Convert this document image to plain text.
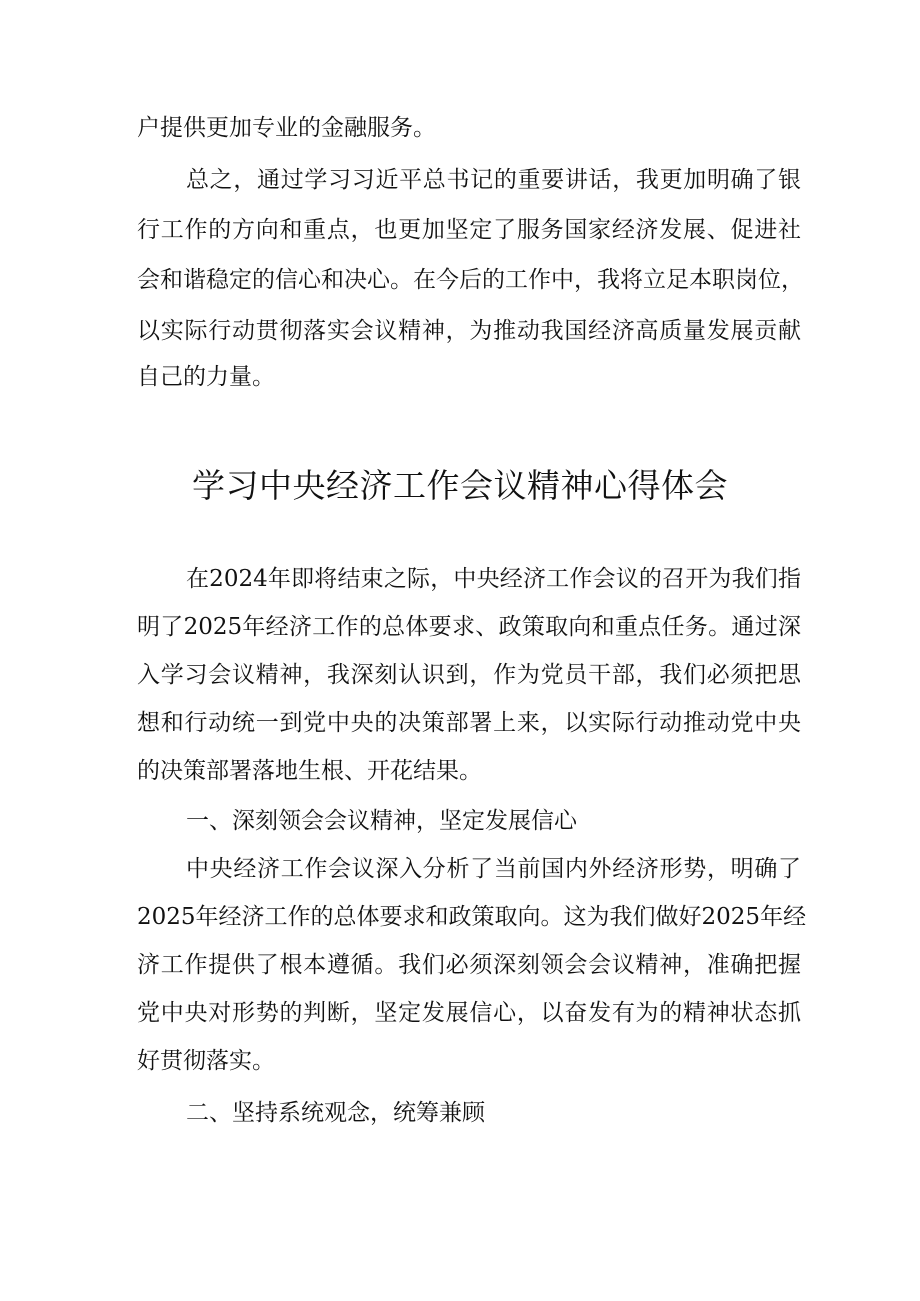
户提供更加专业的金融服务。
总之，通过学习习近平总书记的重要讲话，我更加明确了银
行工作的方向和重点，也更加坚定了服务国家经济发展、促进社
会和谐稳定的信心和决心。在今后的工作中，我将立足本职岗位，
以实际行动贯彻落实会议精神，为推动我国经济高质量发展贡献
自己的力量。
学习中央经济工作会议精神心得体会
在2024年即将结束之际，中央经济工作会议的召开为我们指
明了2025年经济工作的总体要求、政策取向和重点任务。通过深
入学习会议精神，我深刻认识到，作为党员干部，我们必须把思
想和行动统一到党中央的决策部署上来，以实际行动推动党中央
的决策部署落地生根、开花结果。
一、深刻领会会议精神，坚定发展信心
中央经济工作会议深入分析了当前国内外经济形势，明确了
2025年经济工作的总体要求和政策取向。这为我们做好2025年经
济工作提供了根本遵循。我们必须深刻领会会议精神，准确把握
党中央对形势的判断，坚定发展信心，以奋发有为的精神状态抓
好贯彻落实。
二、坚持系统观念，统筹兼顾
